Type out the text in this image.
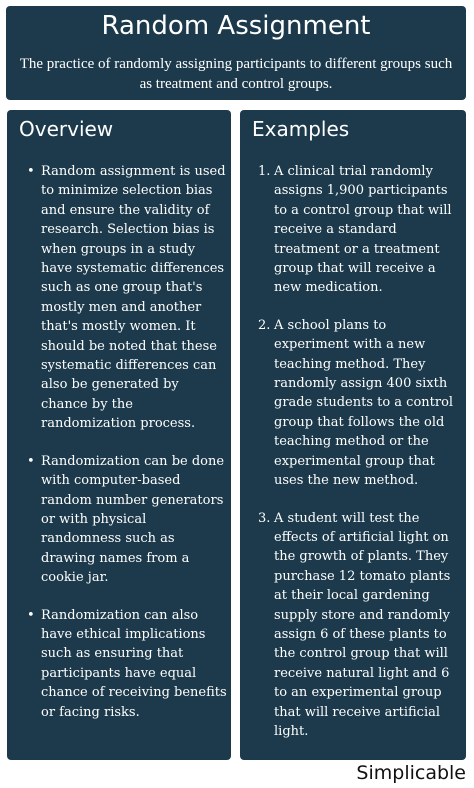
Random Assignment
The practice of randomly assigning participants to different groups such as treatment and control groups.
Overview
• Random assignment is used to minimize selection bias and ensure the validity of research. Selection bias is when groups in a study have systematic differences such as one group that's mostly men and another that's mostly women. It should be noted that these systematic differences can also be generated by chance by the randomization process.
• Randomization can be done with computer-based random number generators or with physical randomness such as drawing names from a cookie jar.
• Randomization can also have ethical implications such as ensuring that participants have equal chance of receiving benefits or facing risks.
Examples
1. A clinical trial randomly assigns 1,900 participants to a control group that will receive a standard treatment or a treatment group that will receive a new medication.
2. A school plans to experiment with a new teaching method. They randomly assign 400 sixth grade students to a control group that follows the old teaching method or the experimental group that uses the new method.
3. A student will test the effects of artificial light on the growth of plants. They purchase 12 tomato plants at their local gardening supply store and randomly assign 6 of these plants to the control group that will receive natural light and 6 to an experimental group that will receive artificial light.
Simplicable
